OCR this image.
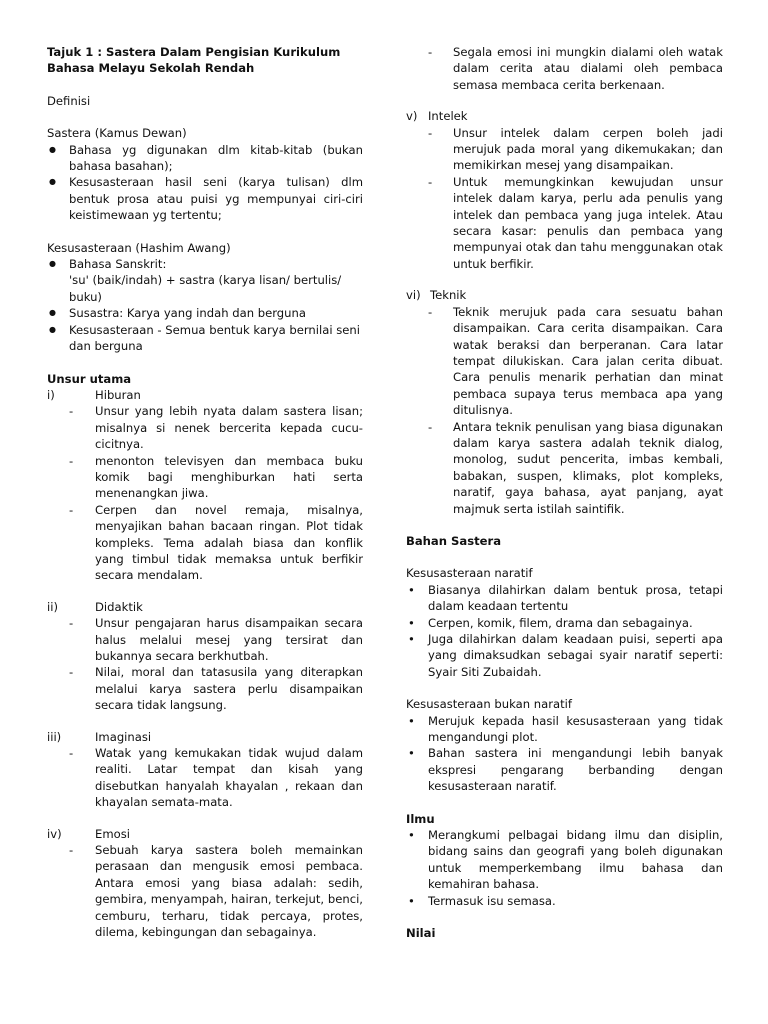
Tajuk 1 : Sastera Dalam Pengisian Kurikulum
Bahasa Melayu Sekolah Rendah

Definisi

Sastera (Kamus Dewan)

● Bahasa yg digunakan dlm kitab-kitab (bukan bahasa basahan);
● Kesusasteraan hasil seni (karya tulisan) dlm bentuk prosa atau puisi yg mempunyai ciri-ciri keistimewaan yg tertentu;

Kesusasteraan (Hashim Awang)

● Bahasa Sanskrit:
'su' (baik/indah) + sastra (karya lisan/ bertulis/ buku)
● Susastra: Karya yang indah dan berguna
● Kesusasteraan - Semua bentuk karya bernilai seni dan berguna

Unsur utama

i)	Hiburan

- Unsur yang lebih nyata dalam sastera lisan; misalnya si nenek bercerita kepada cucu-cicitnya.
- menonton televisyen dan membaca buku komik bagi menghiburkan hati serta menenangkan jiwa.
- Cerpen dan novel remaja, misalnya, menyajikan bahan bacaan ringan. Plot tidak kompleks. Tema adalah biasa dan konflik yang timbul tidak memaksa untuk berfikir secara mendalam.

ii)	Didaktik

- Unsur pengajaran harus disampaikan secara halus melalui mesej yang tersirat dan bukannya secara berkhutbah.
- Nilai, moral dan tatasusila yang diterapkan melalui karya sastera perlu disampaikan secara tidak langsung.

iii)	Imaginasi

- Watak yang kemukakan tidak wujud dalam realiti. Latar tempat dan kisah yang disebutkan hanyalah khayalan , rekaan dan khayalan semata-mata.

iv)	Emosi

- Sebuah karya sastera boleh memainkan perasaan dan mengusik emosi pembaca. Antara emosi yang biasa adalah: sedih, gembira, menyampah, hairan, terkejut, benci, cemburu, terharu, tidak percaya, protes, dilema, kebingungan dan sebagainya.
- Segala emosi ini mungkin dialami oleh watak dalam cerita atau dialami oleh pembaca semasa membaca cerita berkenaan.

v) Intelek

- Unsur intelek dalam cerpen boleh jadi merujuk pada moral yang dikemukakan; dan memikirkan mesej yang disampaikan.
- Untuk memungkinkan kewujudan unsur intelek dalam karya, perlu ada penulis yang intelek dan pembaca yang juga intelek. Atau secara kasar: penulis dan pembaca yang mempunyai otak dan tahu menggunakan otak untuk berfikir.

vi) Teknik

- Teknik merujuk pada cara sesuatu bahan disampaikan. Cara cerita disampaikan. Cara watak beraksi dan berperanan. Cara latar tempat dilukiskan. Cara jalan cerita dibuat. Cara penulis menarik perhatian dan minat pembaca supaya terus membaca apa yang ditulisnya.
- Antara teknik penulisan yang biasa digunakan dalam karya sastera adalah teknik dialog, monolog, sudut pencerita, imbas kembali, babakan, suspen, klimaks, plot kompleks, naratif, gaya bahasa, ayat panjang, ayat majmuk serta istilah saintifik.

Bahan Sastera

Kesusasteraan naratif

• Biasanya dilahirkan dalam bentuk prosa, tetapi dalam keadaan tertentu
• Cerpen, komik, filem, drama dan sebagainya.
• Juga dilahirkan dalam keadaan puisi, seperti apa yang dimaksudkan sebagai syair naratif seperti: Syair Siti Zubaidah.

Kesusasteraan bukan naratif

• Merujuk kepada hasil kesusasteraan yang tidak mengandungi plot.
• Bahan sastera ini mengandungi lebih banyak ekspresi pengarang berbanding dengan kesusasteraan naratif.

Ilmu

• Merangkumi pelbagai bidang ilmu dan disiplin, bidang sains dan geografi yang boleh digunakan untuk memperkembang ilmu bahasa dan kemahiran bahasa.
• Termasuk isu semasa.

Nilai
